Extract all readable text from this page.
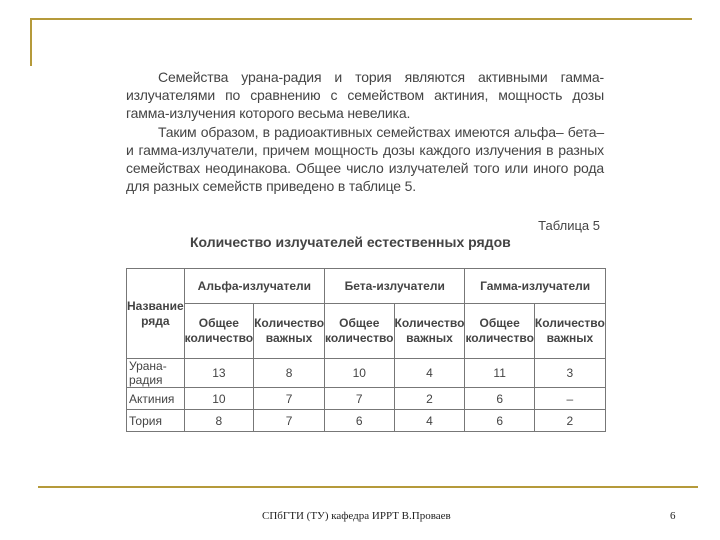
Семейства урана-радия и тория являются активными гамма-излучателями по сравнению с семейством актиния, мощность дозы гамма-излучения которого весьма невелика.

Таким образом, в радиоактивных семействах имеются альфа– бета– и гамма-излучатели, причем мощность дозы каждого излучения в разных семействах неодинакова. Общее число излучателей того или иного рода для разных семейств приведено в таблице 5.

Таблица 5
Количество излучателей естественных рядов
Название ряда	Альфа-излучатели		Бета-излучатели		Гамма-излучатели	
	Общее количество	Количество важных	Общее количество	Количество важных	Общее количество	Количество важных
Урана-радия	13	8	10	4	11	3
Актиния	10	7	7	2	6	–
Тория	8	7	6	4	6	2
СПбГТИ (ТУ) кафедра ИРРТ В.Проваев	6
